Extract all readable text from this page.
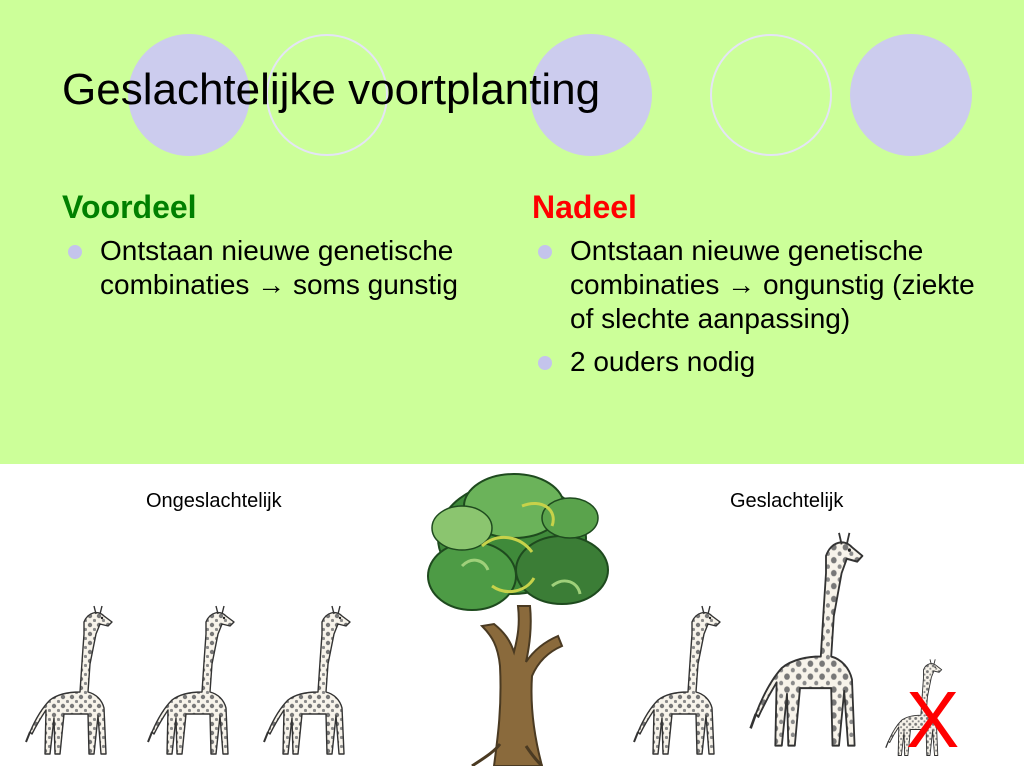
Geslachtelijke voortplanting
Voordeel
Ontstaan nieuwe genetische combinaties → soms gunstig
Nadeel
Ontstaan nieuwe genetische combinaties → ongunstig (ziekte of slechte aanpassing)
2 ouders nodig
Ongeslachtelijk	Geslachtelijk
X
